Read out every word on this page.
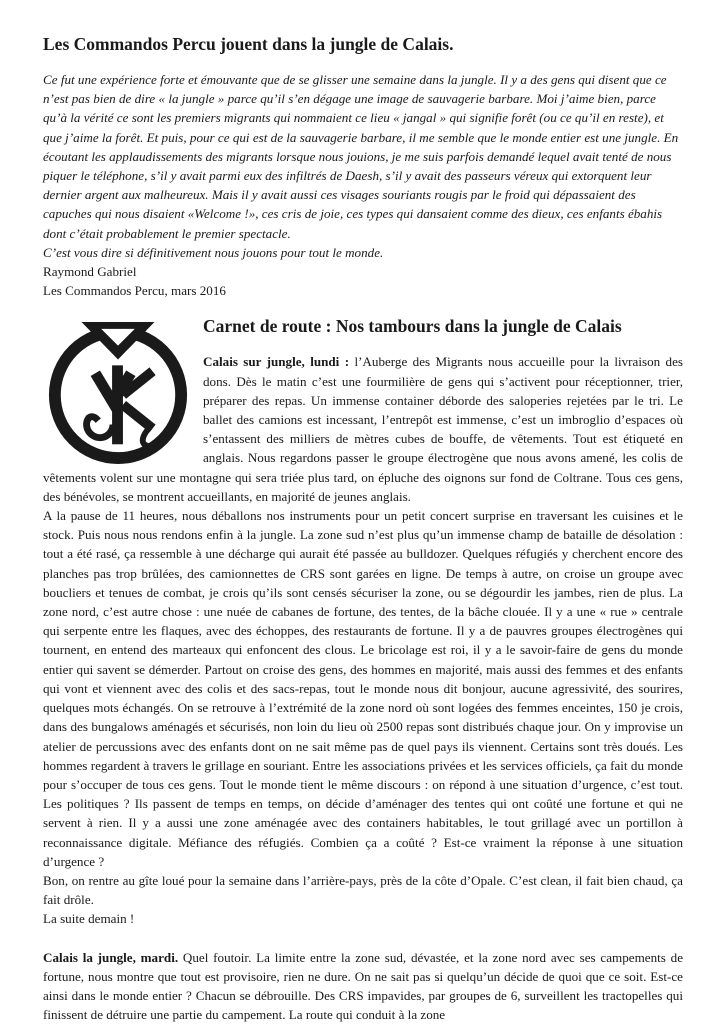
Les Commandos Percu jouent dans la jungle de Calais.

Ce fut une expérience forte et émouvante que de se glisser une semaine dans la jungle. Il y a des gens qui disent que ce n’est pas bien de dire « la jungle » parce qu’il s’en dégage une image de sauvagerie barbare. Moi j’aime bien, parce qu’à la vérité ce sont les premiers migrants qui nommaient ce lieu « jangal » qui signifie forêt (ou ce qu’il en reste), et que j’aime la forêt. Et puis, pour ce qui est de la sauvagerie barbare, il me semble que le monde entier est une jungle. En écoutant les applaudissements des migrants lorsque nous jouions, je me suis parfois demandé lequel avait tenté de nous piquer le téléphone, s’il y avait parmi eux des infiltrés de Daesh, s’il y avait des passeurs véreux qui extorquent leur dernier argent aux malheureux. Mais il y avait aussi ces visages souriants rougis par le froid qui dépassaient des capuches qui nous disaient «Welcome !», ces cris de joie, ces types qui dansaient comme des dieux, ces enfants ébahis dont c’était probablement le premier spectacle.

C’est vous dire si définitivement nous jouons pour tout le monde.

Raymond Gabriel

Les Commandos Percu, mars 2016

Carnet de route : Nos tambours dans la jungle de Calais

Calais sur jungle, lundi : l’Auberge des Migrants nous accueille pour la livraison des dons. Dès le matin c’est une fourmilière de gens qui s’activent pour réceptionner, trier, préparer des repas. Un immense container déborde des saloperies rejetées par le tri. Le ballet des camions est incessant, l’entrepôt est immense, c’est un imbroglio d’espaces où s’entassent des milliers de mètres cubes de bouffe, de vêtements. Tout est étiqueté en anglais. Nous regardons passer le groupe électrogène que nous avons amené, les colis de vêtements volent sur une montagne qui sera triée plus tard, on épluche des oignons sur fond de Coltrane. Tous ces gens, des bénévoles, se montrent accueillants, en majorité de jeunes anglais.

A la pause de 11 heures, nous déballons nos instruments pour un petit concert surprise en traversant les cuisines et le stock. Puis nous nous rendons enfin à la jungle. La zone sud n’est plus qu’un immense champ de bataille de désolation : tout a été rasé, ça ressemble à une décharge qui aurait été passée au bulldozer. Quelques réfugiés y cherchent encore des planches pas trop brûlées, des camionnettes de CRS sont garées en ligne. De temps à autre, on croise un groupe avec boucliers et tenues de combat, je crois qu’ils sont censés sécuriser la zone, ou se dégourdir les jambes, rien de plus. La zone nord, c’est autre chose : une nuée de cabanes de fortune, des tentes, de la bâche clouée. Il y a une « rue » centrale qui serpente entre les flaques, avec des échoppes, des restaurants de fortune. Il y a de pauvres groupes électrogènes qui tournent, en entend des marteaux qui enfoncent des clous. Le bricolage est roi, il y a le savoir-faire de gens du monde entier qui savent se démerder. Partout on croise des gens, des hommes en majorité, mais aussi des femmes et des enfants qui vont et viennent avec des colis et des sacs-repas, tout le monde nous dit bonjour, aucune agressivité, des sourires, quelques mots échangés. On se retrouve à l’extrémité de la zone nord où sont logées des femmes enceintes, 150 je crois, dans des bungalows aménagés et sécurisés, non loin du lieu où 2500 repas sont distribués chaque jour. On y improvise un atelier de percussions avec des enfants dont on ne sait même pas de quel pays ils viennent. Certains sont très doués. Les hommes regardent à travers le grillage en souriant. Entre les associations privées et les services officiels, ça fait du monde pour s’occuper de tous ces gens. Tout le monde tient le même discours : on répond à une situation d’urgence, c’est tout. Les politiques ? Ils passent de temps en temps, on décide d’aménager des tentes qui ont coûté une fortune et qui ne servent à rien. Il y a aussi une zone aménagée avec des containers habitables, le tout grillagé avec un portillon à reconnaissance digitale. Méfiance des réfugiés. Combien ça a coûté ? Est-ce vraiment la réponse à une situation d’urgence ?

Bon, on rentre au gîte loué pour la semaine dans l’arrière-pays, près de la côte d’Opale. C’est clean, il fait bien chaud, ça fait drôle.

La suite demain !

Calais la jungle, mardi. Quel foutoir. La limite entre la zone sud, dévastée, et la zone nord avec ses campements de fortune, nous montre que tout est provisoire, rien ne dure. On ne sait pas si quelqu’un décide de quoi que ce soit. Est-ce ainsi dans le monde entier ? Chacun se débrouille. Des CRS impavides, par groupes de 6, surveillent les tractopelles qui finissent de détruire une partie du campement. La route qui conduit à la zone
